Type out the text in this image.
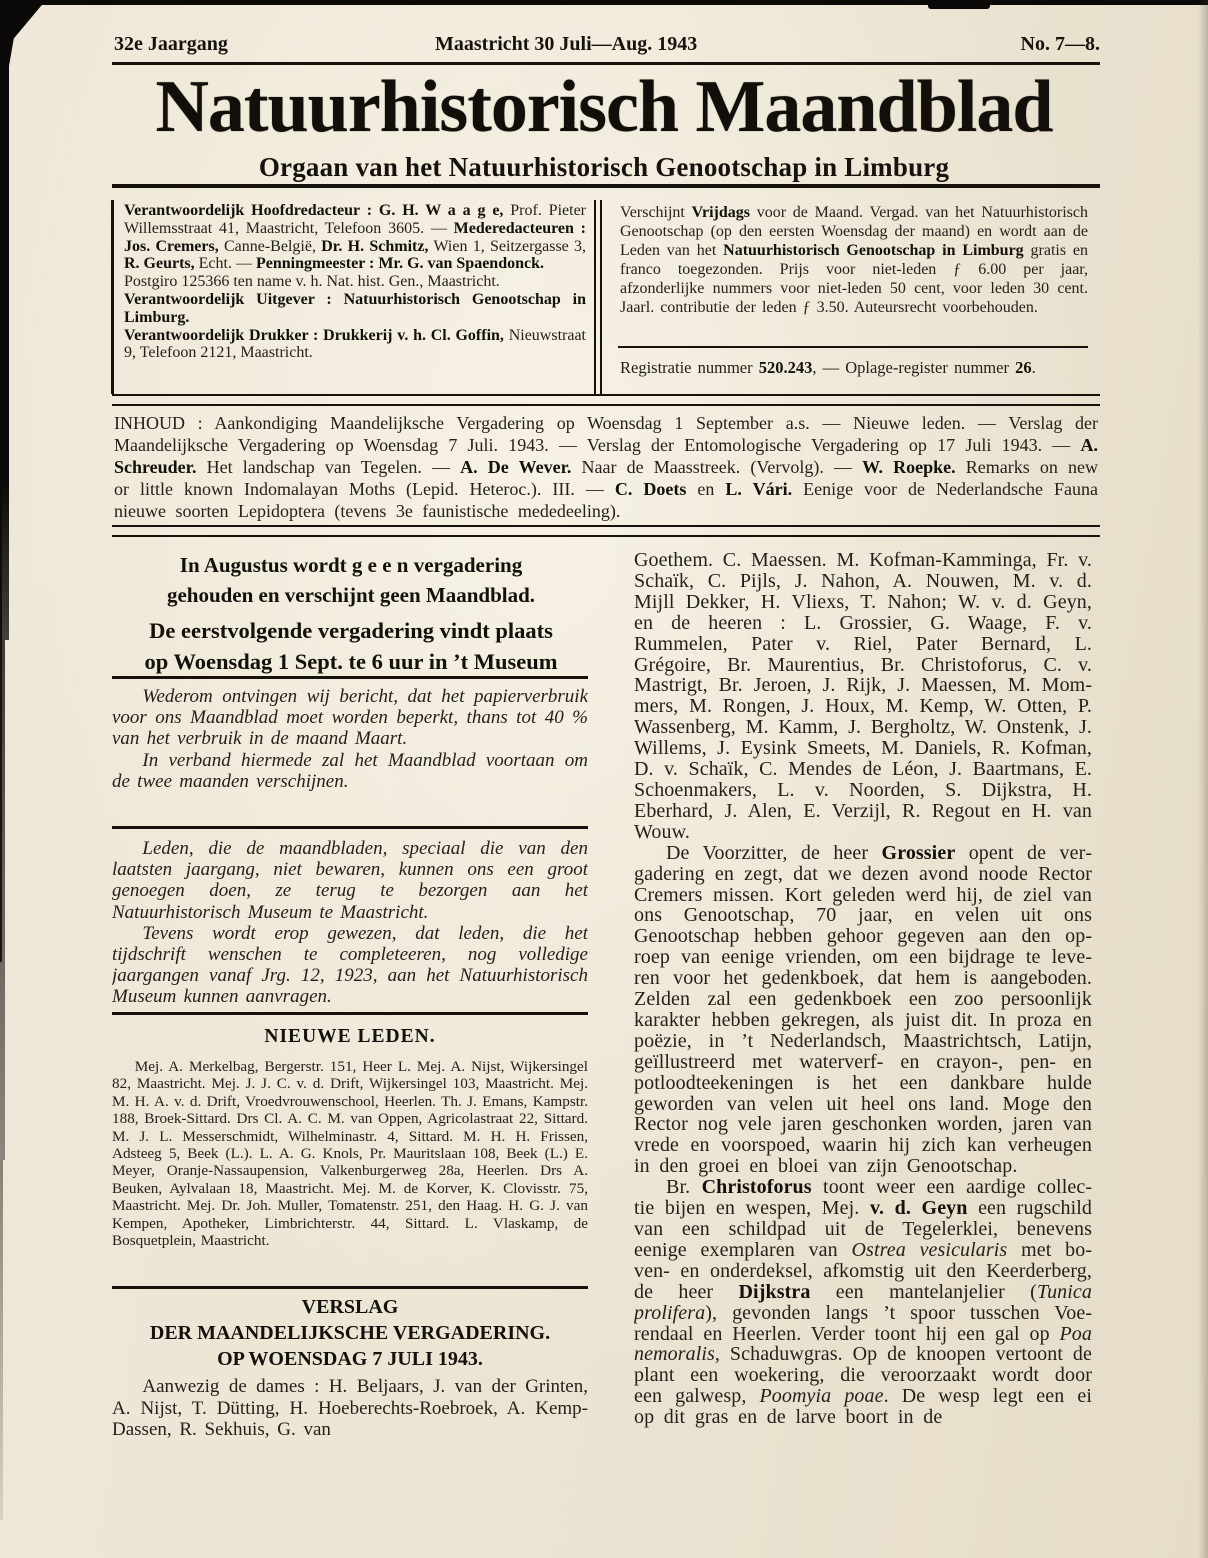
32e Jaargang	Maastricht 30 Juli—Aug. 1943	No. 7—8.
Natuurhistorisch Maandblad
Orgaan van het Natuurhistorisch Genootschap in Limburg

Verantwoordelijk Hoofdredacteur : G. H. W a a g e, Prof. Pieter Willemsstraat 41, Maastricht, Telefoon 3605. — Mederedacteuren : Jos. Cremers, Canne-België, Dr. H. Schmitz, Wien 1, Seitzergasse 3, R. Geurts, Echt. — Penningmeester : Mr. G. van Spaendonck.

Postgiro 125366 ten name v. h. Nat. hist. Gen., Maastricht.

Verantwoordelijk Uitgever : Natuurhistorisch Genootschap in Limburg.

Verantwoordelijk Drukker : Drukkerij v. h. Cl. Goffin, Nieuwstraat 9, Telefoon 2121, Maastricht.

Verschijnt Vrijdags voor de Maand. Vergad. van het Natuurhistorisch Genootschap (op den eersten Woensdag der maand) en wordt aan de Leden van het Natuurhistorisch Genootschap in Limburg gratis en franco toegezonden. Prijs voor niet-leden ƒ 6.00 per jaar, afzonderlijke nummers voor niet-leden 50 cent, voor leden 30 cent. Jaarl. contributie der leden ƒ 3.50. Auteursrecht voorbehouden.

Registratie nummer 520.243, — Oplage-register nummer 26.

INHOUD : Aankondiging Maandelijksche Vergadering op Woensdag 1 September a.s. — Nieuwe leden. — Verslag der Maandelijksche Vergadering op Woensdag 7 Juli. 1943. — Verslag der Entomologische Vergadering op 17 Juli 1943. — A. Schreuder. Het landschap van Tegelen. — A. De Wever. Naar de Maasstreek. (Vervolg). — W. Roepke. Remarks on new or little known Indomalayan Moths (Lepid. Heteroc.). III. — C. Doets en L. Vári. Eenige voor de Nederlandsche Fauna nieuwe soorten Lepidoptera (tevens 3e faunistische mededeeling).

In Augustus wordt g e e n vergadering
gehouden en verschijnt geen Maandblad.

De eerstvolgende vergadering vindt plaats
op Woensdag 1 Sept. te 6 uur in ’t Museum

Wederom ontvingen wij bericht, dat het papierverbruik voor ons Maandblad moet worden beperkt, thans tot 40 % van het verbruik in de maand Maart.

In verband hiermede zal het Maandblad voortaan om de twee maanden verschijnen.

Leden, die de maandbladen, speciaal die van den laatsten jaargang, niet bewaren, kunnen ons een groot genoegen doen, ze terug te bezorgen aan het Natuurhistorisch Museum te Maastricht.

Tevens wordt erop gewezen, dat leden, die het tijdschrift wenschen te completeeren, nog volledige jaargangen vanaf Jrg. 12, 1923, aan het Natuurhistorisch Museum kunnen aanvragen.

NIEUWE LEDEN.

Mej. A. Merkelbag, Bergerstr. 151, Heer L. Mej. A. Nijst, Wijkersingel 82, Maastricht. Mej. J. J. C. v. d. Drift, Wijkersingel 103, Maastricht. Mej. M. H. A. v. d. Drift, Vroedvrouwenschool, Heerlen. Th. J. Emans, Kampstr. 188, Broek-Sittard. Drs Cl. A. C. M. van Oppen, Agricolastraat 22, Sittard. M. J. L. Messerschmidt, Wilhelminastr. 4, Sittard. M. H. H. Frissen, Adsteeg 5, Beek (L.). L. A. G. Knols, Pr. Mauritslaan 108, Beek (L.) E. Meyer, Oranje-Nassaupension, Valkenburgerweg 28a, Heerlen. Drs A. Beuken, Aylvalaan 18, Maastricht. Mej. M. de Korver, K. Clovisstr. 75, Maastricht. Mej. Dr. Joh. Muller, Tomatenstr. 251, den Haag. H. G. J. van Kempen, Apotheker, Limbrichterstr. 44, Sittard. L. Vlaskamp, de Bosquetplein, Maastricht.

VERSLAG
DER MAANDELIJKSCHE VERGADERING.
OP WOENSDAG 7 JULI 1943.

Aanwezig de dames : H. Beljaars, J. van der Grinten, A. Nijst, T. Dütting, H. Hoeberechts-Roebroek, A. Kemp-Dassen, R. Sekhuis, G. van

Goethem. C. Maessen. M. Kofman-Kamminga, Fr. v. Schaïk, C. Pijls, J. Nahon, A. Nouwen, M. v. d. Mijll Dekker, H. Vliexs, T. Nahon; W. v. d. Geyn, en de heeren : L. Grossier, G. Waage, F. v. Rummelen, Pater v. Riel, Pater Bernard, L. Grégoire, Br. Maurentius, Br. Christoforus, C. v. Mastrigt, Br. Jeroen, J. Rijk, J. Maessen, M. Mommers, M. Rongen, J. Houx, M. Kemp, W. Otten, P. Wassenberg, M. Kamm, J. Bergholtz, W. Onstenk, J. Willems, J. Eysink Smeets, M. Daniels, R. Kofman, D. v. Schaïk, C. Mendes de Léon, J. Baartmans, E. Schoenmakers, L. v. Noorden, S. Dijkstra, H. Eberhard, J. Alen, E. Verzijl, R. Regout en H. van Wouw.

De Voorzitter, de heer Grossier opent de vergadering en zegt, dat we dezen avond noode Rector Cremers missen. Kort geleden werd hij, de ziel van ons Genootschap, 70 jaar, en velen uit ons Genootschap hebben gehoor gegeven aan den oproep van eenige vrienden, om een bijdrage te leveren voor het gedenkboek, dat hem is aangeboden. Zelden zal een gedenkboek een zoo persoonlijk karakter hebben gekregen, als juist dit. In proza en poëzie, in ’t Nederlandsch, Maastrichtsch, Latijn, geïllustreerd met waterverf- en crayon-, pen- en potloodteekeningen is het een dankbare hulde geworden van velen uit heel ons land. Moge den Rector nog vele jaren geschonken worden, jaren van vrede en voorspoed, waarin hij zich kan verheugen in den groei en bloei van zijn Genootschap.

Br. Christoforus toont weer een aardige collectie bijen en wespen, Mej. v. d. Geyn een rugschild van een schildpad uit de Tegelerklei, benevens eenige exemplaren van Ostrea vesicularis met boven- en onderdeksel, afkomstig uit den Keerderberg, de heer Dijkstra een mantelanjelier (Tunica prolifera), gevonden langs ’t spoor tusschen Voerendaal en Heerlen. Verder toont hij een gal op Poa nemoralis, Schaduwgras. Op de knoopen vertoont de plant een woekering, die veroorzaakt wordt door een galwesp, Poomyia poae. De wesp legt een ei op dit gras en de larve boort in de
